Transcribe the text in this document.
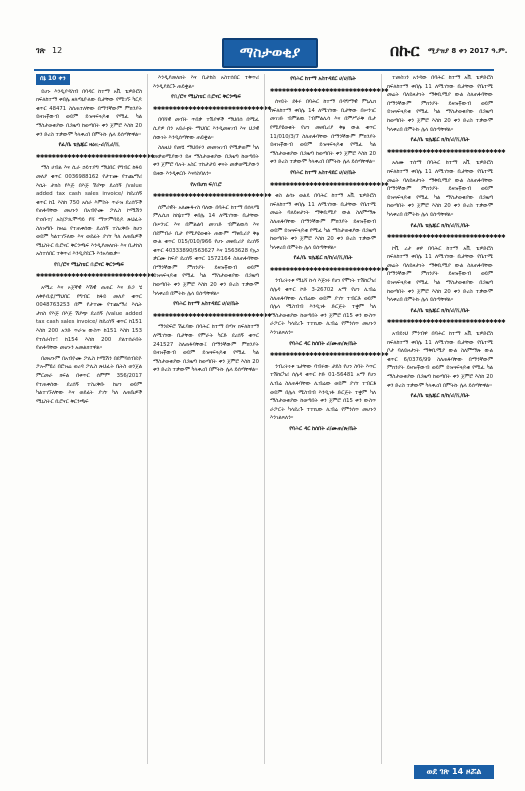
ገጽ 12	ማስታወቂያ	በኩር ሚያዝያ 8 ቀን 2017 ዓ.ም.
ሰኔ 10 ቀን

ይሆኑ እንዲያዳስብ በባዳር ከተማ አቪ ቴዎድሮስ ክፍለከተማ ቀበሌ ዘለጣኒዮለው ቢታቸው የሚገኙ ካርዶ ቁጥር 48471 ስሰጠተለቸው በማንኛውም ምክንያት ይዛዝቾውብ ወይም ይዝጓፍጓዶቁ የሚፈ ካል ማስታወቂያው በጋዜጣ ከወጣበት ቀን ጀምሮ እስከ 20 ቀን ድረስ ተቃውሞ ካላቀረበ በምትኩ ሌላ ይሰጣቸዋል።

የፈ/ቤ ቴሌጁር ዛዕዚ-ሪ/ሺሪ/ሺ
✱✱✱✱✱✱✱✱✱✱✱✱✱✱✱✱✱✱✱✱✱✱✱✱✱✱✱✱✱✱

ማስ ሀብል እና ሲራ ኃይተያግ ማህበር የግብር ከፋይ መለያ ቁጥር 0036988162 የታተሙ የተጨማሪ እሴት ታክስ የእጅ በእጅ ሽያጭ ደረሰኝ /value added tax cash sales invoice/ ከደረሰኝ ቁጥር ከ1 እስከ 750 አሰራ እምስት ጥራዝ ደረሰኙች የጠፋባቸው መሆኑን በአብዮሙ ፖሊስ ኮሚሽን የገነቡተ/ አስ/ፖሊሞጣይ የሻ ማዦምባይዶ ጽህፈት ስለዝግቡ ከዛሬ የተጠቀሰው ደረሰኝ ተስረቅቡ ከሆነ ወይም ካልተገኙለው እና ወደፊት ያገኘ ካለ ለጠቤዎች ሚኒስትር ቢሮናር ቅርንጫፍ እንዲያመለክት እና ቢታከስ አስተሰበር ተቅጥሪ እንዲያደርጉ እንአሳዉቃ።

የቢ/ሮና ሚኒስቴር ቢሮናር ቅርንጫፍ
✱✱✱✱✱✱✱✱✱✱✱✱✱✱✱✱✱✱✱✱✱✱✱✱✱✱✱✱✱✱

አሚረ እና ኦጀኛዊ እሽዊ ጠጠር እና ድጋ ሄ ለቅዮቢዬ/ማህበር የግብር ከፋይ መለያ ቁጥር 0048763253 በም የታተሙ የተጨማሪ እሴት ታክስ የእጅ በእጅ ሽያጭ ደረሰኝ /value added tax cash sales invoice/ ከደረሰኝ ቁጥር ከ151 እስከ 200 አንድ ጥራዝ ውስጥ ከ151 እስከ 153 የተሰራበተ፣ ከ154 እስከ 200 ያልተሰራበት የጠፋባቸው መሆኑን አመልክተዋል።

በመሆኑም በአብዮሙ ፖሊስ ኮሚሽን በደምባሰብዴዮ ፖሎምዩሪ በሮዝሬ ወረዳ ፖሊስ ጽህፈት ቤትስ ወንጀል ምርመራ ክፍል በቀጥር ሰምም 356/2017 የተጠቀሰው ደረሰኝ ተስረቅቡ ከሆነ ወይም ካልተገኙለቸው እና ወደፊት ያገኘ ካለ ለጠቤዎች ሚኒስትር ቢሮናር ቅርንጫፍ

እንዲያመለክት እና ቢታከስ አስተሰበር ተቅጥሪ እንዲያደርጉ ጠይቋል።

የቢ/ሮና ሚኒስቴር ቢሮናር ቅርንጫፍ
✱✱✱✱✱✱✱✱✱✱✱✱✱✱✱✱✱✱✱✱✱✱✱✱✱✱✱✱✱✱

በባሻዊ መብት ጥበቃ ተሽያዋች ማህበሰ በሚፈ ሲያዎ በን አይራቲት ማህበር እንዲመዘገብ እና ህጋዊ ሰውነት እንዲሰጣቸው ጠይቋል።

ስለዚህ የመሄ ማህበሩን መመዝገብ የሚቃወም ካለ መቃወሚያውን ይዞ ማስታወቂያው በጋዜጣ ከወጣበት ቀን ጀምሮ ባሉት አስር ተከታታይ ቀናት መቃወሚያውን ይዘው እንዲቀርቡ እናሳስባለን።

የአብሆክ ፍ/ቢሮ
✱✱✱✱✱✱✱✱✱✱✱✱✱✱✱✱✱✱✱✱✱✱✱✱✱✱✱✱✱✱

ሰምሪዊት አለሙፋኖስ ባለው በባሕር ከተማ በሰላሜ ምሊሲክ ከከኔተማ ቀበሌ 14 ለሚገኘው ቢታቸው በሠንገር እና በምልልባ መገገድ ብምልዉሳ እና በደምብራ ቢታ የሚያዩወቁት ጠውም ማፀቢሪያ ቅፅ ውል ቁጥር 015/010/966 የሆኑ መፀቢሪያ ደረሰኝ ቁጥር 40333890/563627 እና 1563628 የኢነ ቃርሙ ከፍያ ደረሰኝ ቁጥር 1572164 ስለጠፋባቸው በማንኛውም ምክንያት ይዛዝቾውብ ወይም ይዝጓፍጓዶቁ የሚፈ ካል ማስታወቂያው በጋዜጣ ከወጣበት ቀን ጀምሮ እስከ 20 ቀን ድረስ ተቃውሞ ካላቀረበ በምትኩ ሌላ ይሰጣቸዋል።

የባሕር ከተማ አስተዳደር ሀ/ሀ/ቤት
✱✱✱✱✱✱✱✱✱✱✱✱✱✱✱✱✱✱✱✱✱✱✱✱✱✱✱✱✱✱

ማንደፍሮ ሽፈባው በባሕር ከተማ በጣና ክፍለከተማ ለሚገኘው ቢታቸው የምራት ካርድ ደረሰኝ ቁጥር 241527 ስለጠፋባቸው፤ በማንኛውም ምክንያት ይዛዝቾውብ ወይም ይዝጓፍጓዶቁ የሚፈ ካል ማስታወቂያው በጋዜጣ ከወጣበት ቀን ጀምሮ እስከ 20 ቀን ድረስ ተቃውሞ ካላቀረበ በምትኩ ሌላ ይሰጣቸዋል።

የባሕር ከተማ አስተዳደር ሀ/ሀ/ቤት
✱✱✱✱✱✱✱✱✱✱✱✱✱✱✱✱✱✱✱✱✱✱✱✱✱✱✱✱✱✱

ሰናይት ደፋሩ በባሕር ከተማ በዳግማዊ ምኒሊክ ክፍለከተማ ቀበሌ 14 ለሚገኘው ቢታቸው በሠንገር መገገድ ብምልዉ ፣ብምልሊሳ እና በምሥራቅ ቢታ የሚያዩወቁት የሆነ መፀቢሪያ ቅፅ ውል ቁጥር 11/010/3/7 ስለጠፋባቸው በማንኛውም ምክንያት ይዛዝቾውብ ወይም ይዝጓፍጓዶቁ የሚፈ ካል ማስታወቂያው በጋዜጣ ከወጣበት ቀን ጀምሮ እስከ 20 ቀን ድረስ ተቃውሞ ካላቀረበ በምትኩ ሌላ ይሰጣቸዋል።

የባሕር ከተማ አስተዳደር ሀ/ሀ/ቤት
✱✱✱✱✱✱✱✱✱✱✱✱✱✱✱✱✱✱✱✱✱✱✱✱✱✱✱✱✱✱

ቂስ ልሳኑ ወልዴ በባሕር ከተማ አቪ ቴዎድሮስ ክፍለከተማ ቀበሌ 11 ለሚገኘው ቢታቸው የቤተሚ መሬት ባለይዞታነት ማቅቢሚያ ውል ስለምማጽ ስለጠፋባቸው በማንኛውም ምክንያት ይዛዝቾውብ ወይም ይዝጓፍጓዶቁ የሚፈ ካል ማስታወቂያው በጋዜጣ ከወጣበት ቀን ጀምሮ እስከ 20 ቀን ድረስ ተቃውሞ ካላቀረበ በምትኩ ሌላ ይሰጣቸዋል።

የፈ/ቤ ቴሌጁር ክ/ከ/ሪ/ሺ/ቤት
✱✱✱✱✱✱✱✱✱✱✱✱✱✱✱✱✱✱✱✱✱✱✱✱✱✱✱✱✱✱

ንብረትነቱ ሚኒሻ ኩሳ እጅነሩ የሆነ የሞነት ተሽከርካሪ ሰሌዳ ቁጥር ኮድ 3-26702 አማ የሆነ ሊብሬ ስለጠፋባቸው ሊብሬው ወይም ያገኘ ተብርቶ ወይም በሌላ ሚስብብ እንዲገፋ ድርጅት ተቋም ካለ ማስታወቂያው ከወጣበት ቀን ጀምሮ በ15 ቀን ውስጥ ራፖርት ካላደረጉ ተተኪው ሊብሬ የምንሰጥ መሆኑን እንገልጻለን።

የባሕር ዳር ከሰበት ሪ/ሙጠ/ጽ/ቤት
✱✱✱✱✱✱✱✱✱✱✱✱✱✱✱✱✱✱✱✱✱✱✱✱✱✱✱✱✱✱

ንብረትነቱ ጌታቸው ባብሩው ታደስ የሆነ ስባት እጥር ተሽከርካሪ ሰሌዳ ቁጥር ኮድ 01-56481 አማ የሆነ ሊብሬ ስለጠፋባቸው ሊብሬው ወይም ያገኘ ተብርቶ ወይም በሌላ ሚስብብ እንዲገፋ ድርጅት ተቋም ካለ ማስታወቂያው ከወጣበት ቀን ጀምሮ በ15 ቀን ውስጥ ራፖርት ካላደረጉ ተተኪው ሊብሬ የምንሰጥ መሆኑን እንገልጻለን።

የባሕር ዳር ከሰበት ሪ/ሙጠ/ጽ/ቤት

ተመስገን አንዳው በባሕር ከተማ አቪ ቴዎድሮስ ክፍለከተማ ቀበሌ 11 ለሚገኘው ቢታቸው የቤተሚ መሬት ባለይዞታነት ማቅቢሚያ ውል ስለጠፋባቸው በማንኛውም ምክንያት ይዛዝቾውብ ወይም ይዝጓፍጓዶቁ የሚፈ ካል ማስታወቂያው በጋዜጣ ከወጣበት ቀን ጀምሮ እስከ 20 ቀን ድረስ ተቃውሞ ካላቀረበ በምትኩ ሌላ ይሰጣቸዋል።

የፈ/ቤ ቴሌጁር ክ/ከ/ሪ/ሺ/ቤት
✱✱✱✱✱✱✱✱✱✱✱✱✱✱✱✱✱✱✱✱✱✱✱✱✱✱✱✱✱✱

አለሙ ተሰማ በባሕር ከተማ አቪ ቴዎድሮስ ክፍለከተማ ቀበሌ 11 ለሚገኘው ቢታቸው የቤተሚ መሬት ባለይዞታነት ማቅቢሚያ ውል ስለጠፋባቸው በማንኛውም ምክንያት ይዛዝቾውብ ወይም ይዝጓፍጓዶቁ የሚፈ ካል ማስታወቂያው በጋዜጣ ከወጣበት ቀን ጀምሮ እስከ 20 ቀን ድረስ ተቃውሞ ካላቀረበ በምትኩ ሌላ ይሰጣቸዋል።

የፈ/ቤ ቴሌጁር ክ/ከ/ሪ/ሺ/ቤት
✱✱✱✱✱✱✱✱✱✱✱✱✱✱✱✱✱✱✱✱✱✱✱✱✱✱✱✱✱✱

ኮቪ ረታ ፀዋ በባሕር ከተማ አቪ ቴዎድሮስ ክፍለከተማ ቀበሌ 11 ለሚገኘው ቢታቸው የቤተሚ መሬት ባለይዞታነት ማቅቢሚያ ውል ስለጠፋባቸው በማንኛውም ምክንያት ይዛዝቾውብ ወይም ይዝጓፍጓዶቁ የሚፈ ካል ማስታወቂያው በጋዜጣ ከወጣበት ቀን ጀምሮ እስከ 20 ቀን ድረስ ተቃውሞ ካላቀረበ በምትኩ ሌላ ይሰጣቸዋል።

የፈ/ቤ ቴሌጁር ክ/ከ/ሪ/ሺ/ቤት
✱✱✱✱✱✱✱✱✱✱✱✱✱✱✱✱✱✱✱✱✱✱✱✱✱✱✱✱✱✱

አብይነህ ምንብዋ በባሕር ከተማ አቪ ቴዎድሮስ ክፍለከተማ ቀበሌ 11 ለሚገኘው ቢታቸው የቤተሚ ቦታ ባለይዞታነት ማቅቢሚያ ውል ስለምማጽ ውል ቁጥር 6/0376/99 ስለጠፋባቸው በማንኛውም ምክንያት ይዛዝቾውብ ወይም ይዝጓፍጓዶቁ የሚፈ ካል ማስታወቂያው በጋዜጣ ከወጣበት ቀን ጀምሮ እስከ 20 ቀን ድረስ ተቃውሞ ካላቀረበ በምትኩ ሌላ ይሰጣቸዋል።

የፈ/ቤ ቴሌጁር ክ/ከ/ሪ/ሺ/ቤት
ወደ ገጽ 14 ዞሯል
